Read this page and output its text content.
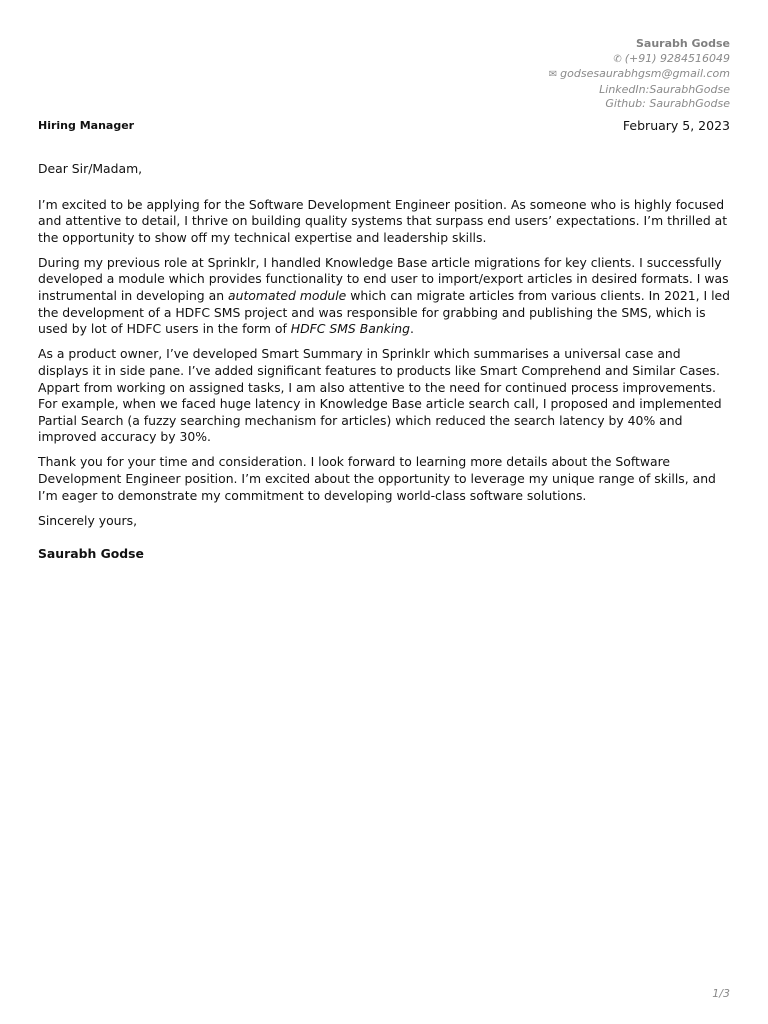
Saurabh Godse
✆ (+91) 9284516049
✉ godsesaurabhgsm@gmail.com
LinkedIn:SaurabhGodse
Github: SaurabhGodse
Hiring Manager	February 5, 2023

Dear Sir/Madam,

I’m excited to be applying for the Software Development Engineer position. As someone who is highly focused and attentive to detail, I thrive on building quality systems that surpass end users’ expectations. I’m thrilled at the opportunity to show off my technical expertise and leadership skills.

During my previous role at Sprinklr, I handled Knowledge Base article migrations for key clients. I successfully developed a module which provides functionality to end user to import/export articles in desired formats. I was instrumental in developing an automated module which can migrate articles from various clients. In 2021, I led the development of a HDFC SMS project and was responsible for grabbing and publishing the SMS, which is used by lot of HDFC users in the form of HDFC SMS Banking.

As a product owner, I’ve developed Smart Summary in Sprinklr which summarises a universal case and displays it in side pane. I’ve added significant features to products like Smart Comprehend and Similar Cases. Appart from working on assigned tasks, I am also attentive to the need for continued process improvements. For example, when we faced huge latency in Knowledge Base article search call, I proposed and implemented Partial Search (a fuzzy searching mechanism for articles) which reduced the search latency by 40% and improved accuracy by 30%.

Thank you for your time and consideration. I look forward to learning more details about the Software Development Engineer position. I’m excited about the opportunity to leverage my unique range of skills, and I’m eager to demonstrate my commitment to developing world-class software solutions.

Sincerely yours,

Saurabh Godse
1/3
